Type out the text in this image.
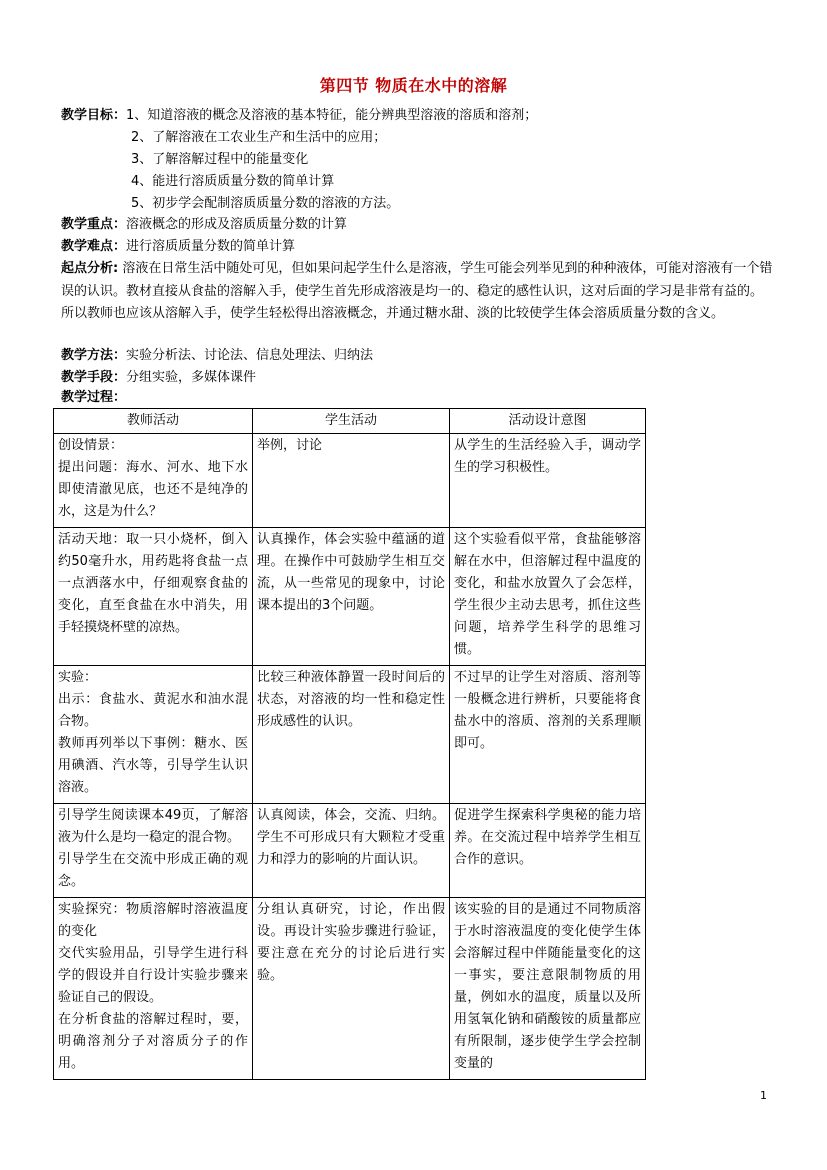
第四节 物质在水中的溶解
教学目标：1、知道溶液的概念及溶液的基本特征，能分辨典型溶液的溶质和溶剂；
2、了解溶液在工农业生产和生活中的应用；
3、了解溶解过程中的能量变化
4、能进行溶质质量分数的简单计算
5、初步学会配制溶质质量分数的溶液的方法。
教学重点：溶液概念的形成及溶质质量分数的计算
教学难点：进行溶质质量分数的简单计算
起点分析: 溶液在日常生活中随处可见，但如果问起学生什么是溶液，学生可能会列举见到的种种液体，可能对溶液有一个错误的认识。教材直接从食盐的溶解入手，使学生首先形成溶液是均一的、稳定的感性认识，这对后面的学习是非常有益的。所以教师也应该从溶解入手，使学生轻松得出溶液概念，并通过糖水甜、淡的比较使学生体会溶质质量分数的含义。
教学方法：实验分析法、讨论法、信息处理法、归纳法
教学手段：分组实验，多媒体课件
教学过程：
教师活动	学生活动	活动设计意图
创设情景：
提出问题：海水、河水、地下水即使清澈见底，也还不是纯净的水，这是为什么？	举例，讨论	从学生的生活经验入手，调动学生的学习积极性。
活动天地：取一只小烧杯，倒入约50毫升水，用药匙将食盐一点一点洒落水中，仔细观察食盐的变化，直至食盐在水中消失，用手轻摸烧杯壁的凉热。	认真操作，体会实验中蕴涵的道理。在操作中可鼓励学生相互交流，从一些常见的现象中，讨论课本提出的3个问题。	这个实验看似平常，食盐能够溶解在水中，但溶解过程中温度的变化，和盐水放置久了会怎样，学生很少主动去思考，抓住这些问题，培养学生科学的思维习惯。
实验：
出示：食盐水、黄泥水和油水混合物。
教师再列举以下事例：糖水、医用碘酒、汽水等，引导学生认识溶液。	比较三种液体静置一段时间后的状态，对溶液的均一性和稳定性形成感性的认识。	不过早的让学生对溶质、溶剂等一般概念进行辨析，只要能将食盐水中的溶质、溶剂的关系理顺即可。
引导学生阅读课本49页，了解溶液为什么是均一稳定的混合物。
引导学生在交流中形成正确的观念。	认真阅读，体会，交流、归纳。学生不可形成只有大颗粒才受重力和浮力的影响的片面认识。	促进学生探索科学奥秘的能力培养。在交流过程中培养学生相互合作的意识。
实验探究：物质溶解时溶液温度的变化
交代实验用品，引导学生进行科学的假设并自行设计实验步骤来验证自己的假设。
在分析食盐的溶解过程时，要，明确溶剂分子对溶质分子的作用。	分组认真研究，讨论，作出假设。再设计实验步骤进行验证，要注意在充分的讨论后进行实验。	该实验的目的是通过不同物质溶于水时溶液温度的变化使学生体会溶解过程中伴随能量变化的这一事实，要注意限制物质的用量，例如水的温度，质量以及所用氢氧化钠和硝酸铵的质量都应有所限制，逐步使学生学会控制变量的
1
